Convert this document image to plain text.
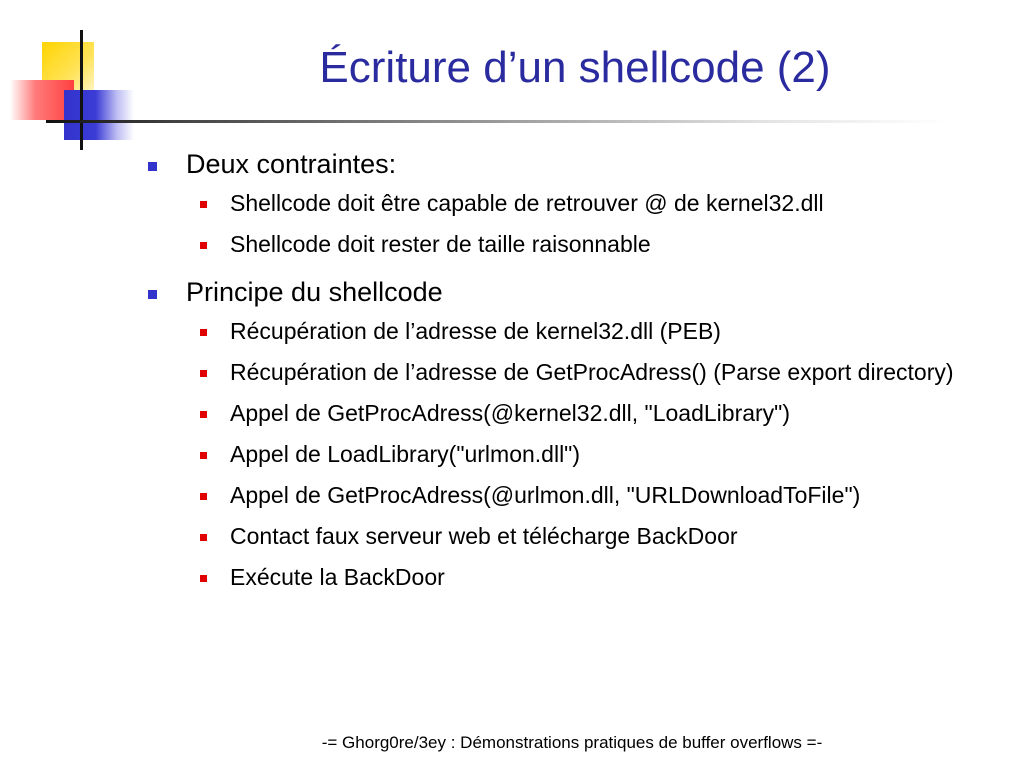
Écriture d’un shellcode (2)
Deux contraintes:
Shellcode doit être capable de retrouver @ de kernel32.dll
Shellcode doit rester de taille raisonnable
Principe du shellcode
Récupération de l’adresse de kernel32.dll (PEB)
Récupération de l’adresse de GetProcAdress() (Parse export directory)
Appel de GetProcAdress(@kernel32.dll, "LoadLibrary")
Appel de LoadLibrary("urlmon.dll")
Appel de GetProcAdress(@urlmon.dll, "URLDownloadToFile")
Contact faux serveur web et télécharge BackDoor
Exécute la BackDoor
-= Ghorg0re/3ey : Démonstrations pratiques de buffer overflows =-
